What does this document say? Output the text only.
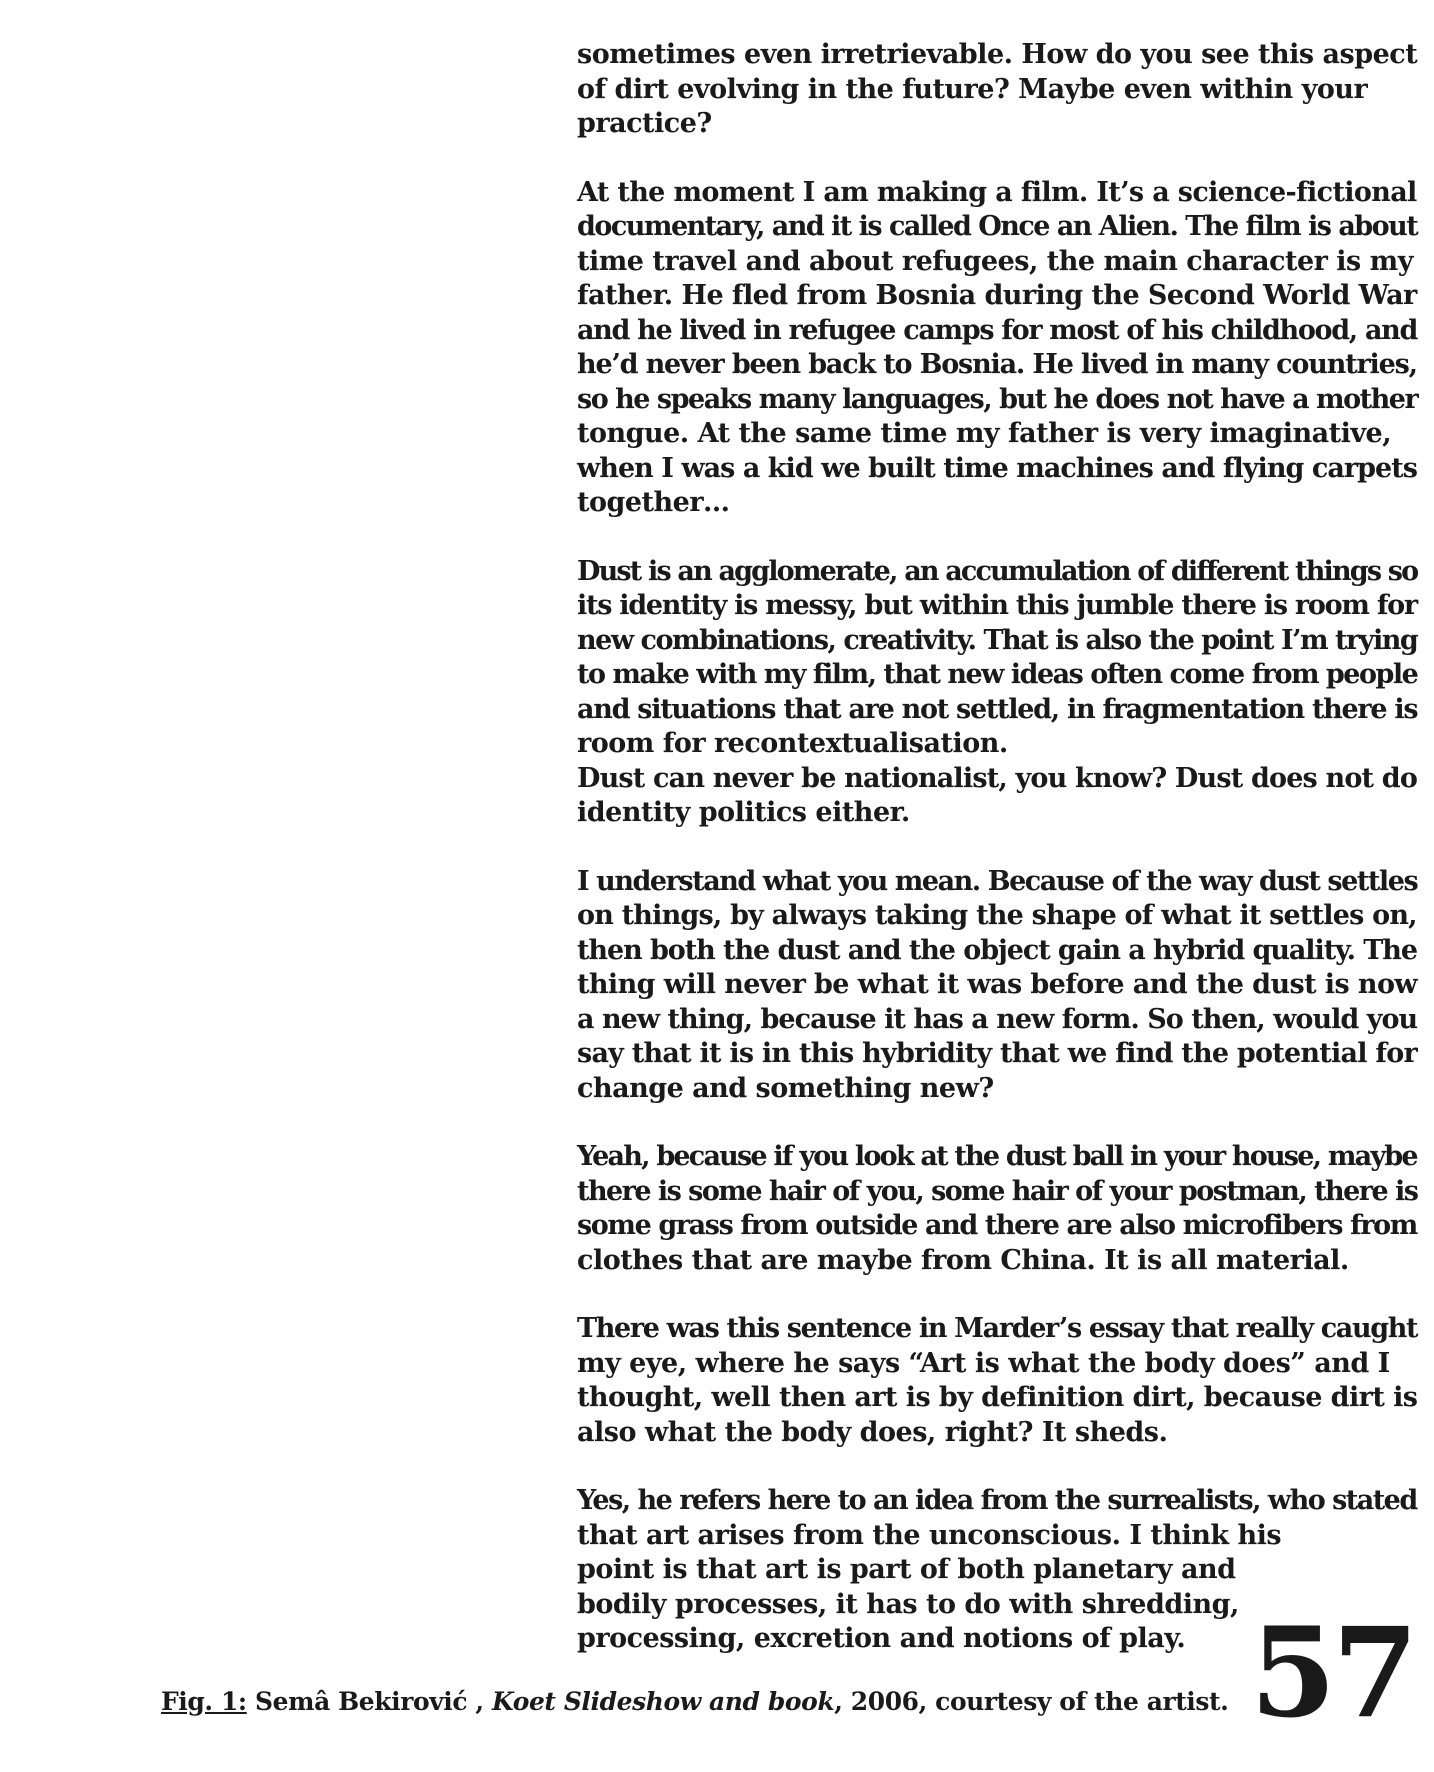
sometimes even irretrievable. How do you see this aspect
of dirt evolving in the future? Maybe even within your
practice?

At the moment I am making a film. It’s a science-fictional
documentary, and it is called Once an Alien. The film is about
time travel and about refugees, the main character is my
father. He fled from Bosnia during the Second World War
and he lived in refugee camps for most of his childhood, and
he’d never been back to Bosnia. He lived in many countries,
so he speaks many languages, but he does not have a mother
tongue. At the same time my father is very imaginative,
when I was a kid we built time machines and flying carpets
together…

Dust is an agglomerate, an accumulation of different things so
its identity is messy, but within this jumble there is room for
new combinations, creativity. That is also the point I’m trying
to make with my film, that new ideas often come from people
and situations that are not settled, in fragmentation there is
room for recontextualisation.
Dust can never be nationalist, you know? Dust does not do
identity politics either.

I understand what you mean. Because of the way dust settles
on things, by always taking the shape of what it settles on,
then both the dust and the object gain a hybrid quality. The
thing will never be what it was before and the dust is now
a new thing, because it has a new form. So then, would you
say that it is in this hybridity that we find the potential for
change and something new?

Yeah, because if you look at the dust ball in your house, maybe
there is some hair of you, some hair of your postman, there is
some grass from outside and there are also microfibers from
clothes that are maybe from China. It is all material.

There was this sentence in Marder’s essay that really caught
my eye, where he says “Art is what the body does” and I
thought, well then art is by definition dirt, because dirt is
also what the body does, right? It sheds.

Yes, he refers here to an idea from the surrealists, who stated
that art arises from the unconscious. I think his
point is that art is part of both planetary and
bodily processes, it has to do with shredding,
processing, excretion and notions of play.

Fig. 1: Semâ Bekirović , Koet Slideshow and book, 2006, courtesy of the artist. 57
